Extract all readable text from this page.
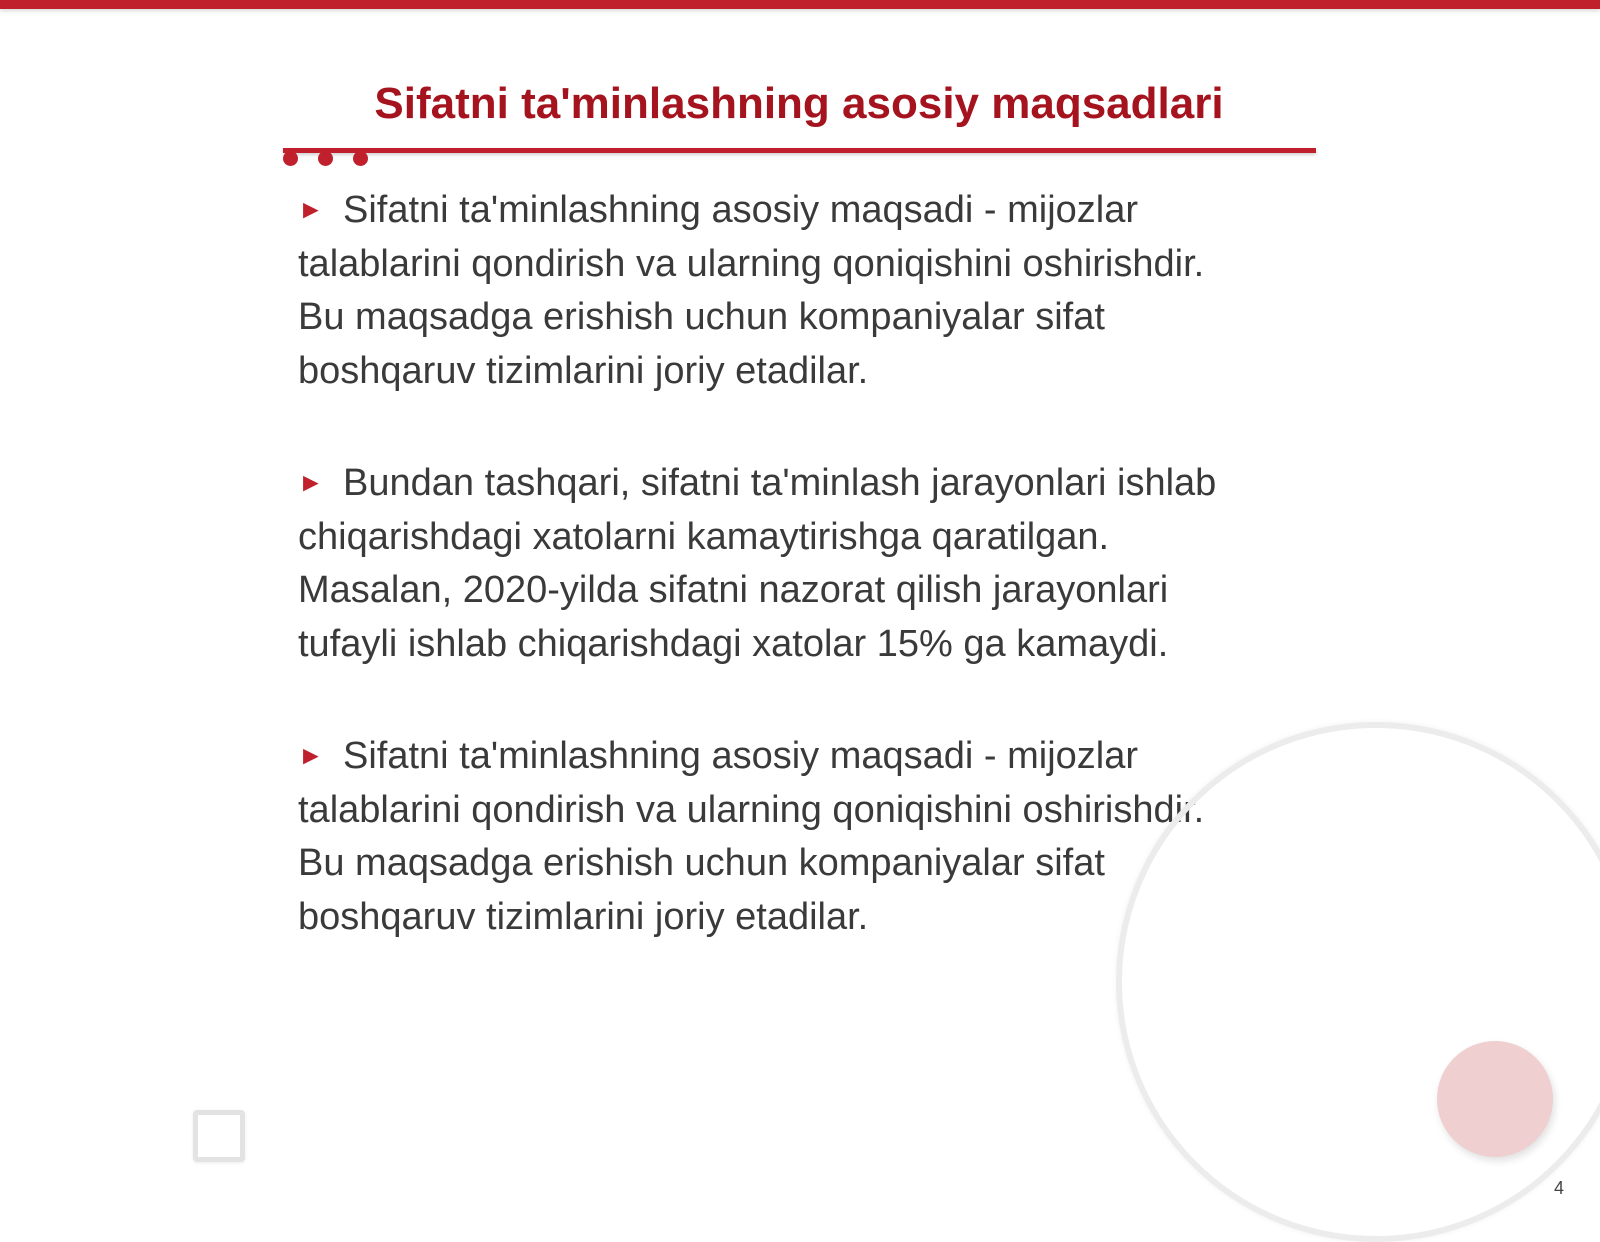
Sifatni ta'minlashning asosiy maqsadlari
► Sifatni ta'minlashning asosiy maqsadi - mijozlar
talablarini qondirish va ularning qoniqishini oshirishdir.
Bu maqsadga erishish uchun kompaniyalar sifat
boshqaruv tizimlarini joriy etadilar.
► Bundan tashqari, sifatni ta'minlash jarayonlari ishlab
chiqarishdagi xatolarni kamaytirishga qaratilgan.
Masalan, 2020-yilda sifatni nazorat qilish jarayonlari
tufayli ishlab chiqarishdagi xatolar 15% ga kamaydi.
► Sifatni ta'minlashning asosiy maqsadi - mijozlar
talablarini qondirish va ularning qoniqishini oshirishdir.
Bu maqsadga erishish uchun kompaniyalar sifat
boshqaruv tizimlarini joriy etadilar.
4
